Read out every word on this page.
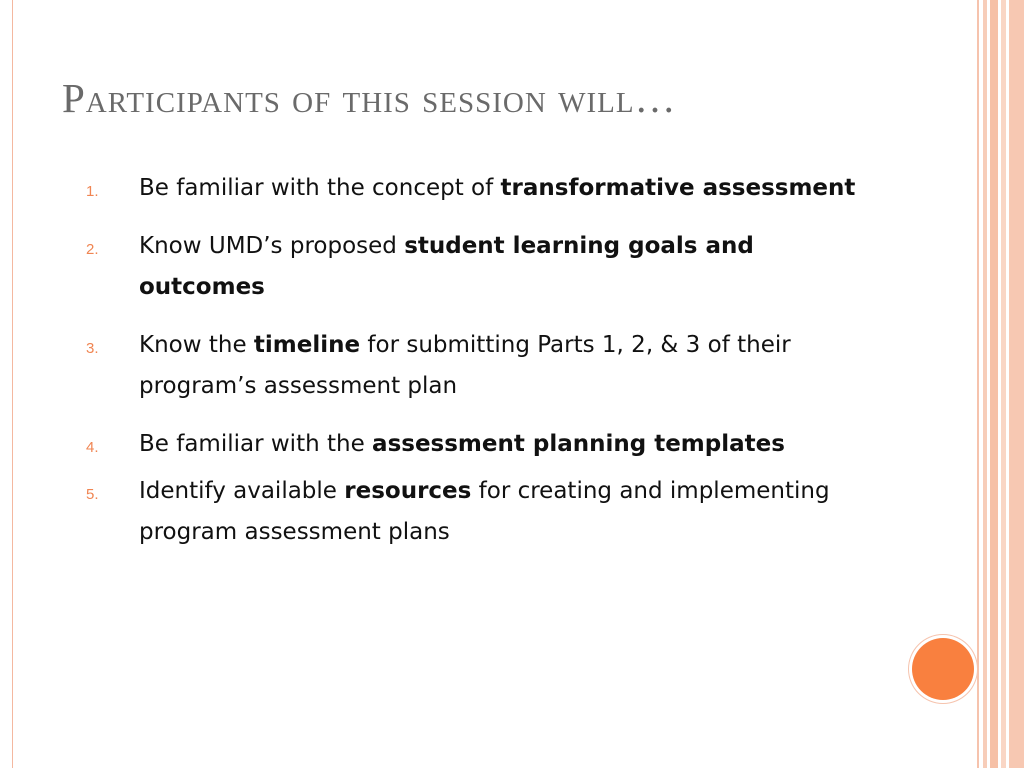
Participants of this session will…
1. Be familiar with the concept of transformative assessment
2. Know UMD’s proposed student learning goals and outcomes
3. Know the timeline for submitting Parts 1, 2, & 3 of their program’s assessment plan
4. Be familiar with the assessment planning templates
5. Identify available resources for creating and implementing program assessment plans
